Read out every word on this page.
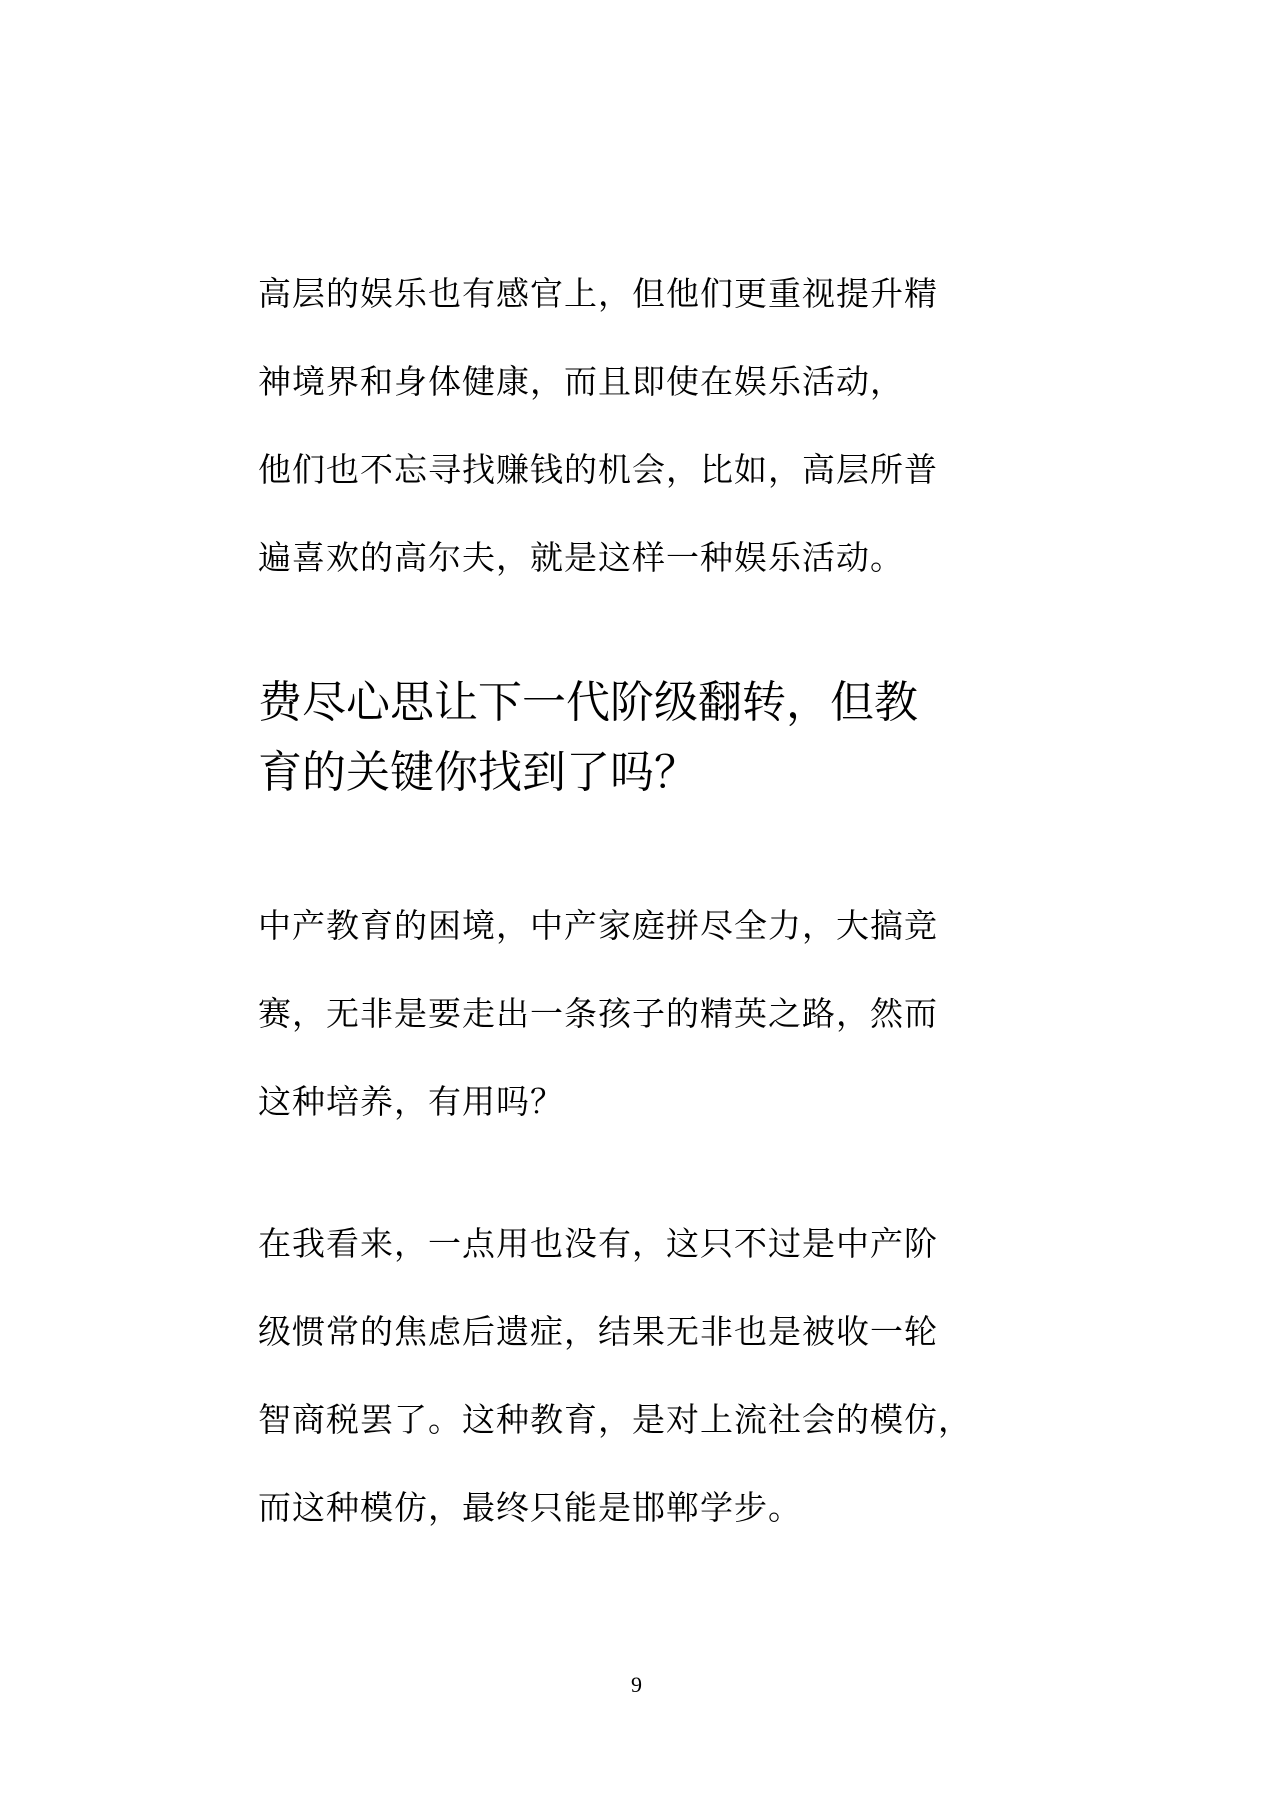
高层的娱乐也有感官上，但他们更重视提升精
神境界和身体健康，而且即使在娱乐活动，
他们也不忘寻找赚钱的机会，比如，高层所普
遍喜欢的高尔夫，就是这样一种娱乐活动。

费尽心思让下一代阶级翻转，但教
育的关键你找到了吗？

中产教育的困境，中产家庭拼尽全力，大搞竞
赛，无非是要走出一条孩子的精英之路，然而
这种培养，有用吗？

在我看来，一点用也没有，这只不过是中产阶
级惯常的焦虑后遗症，结果无非也是被收一轮
智商税罢了。这种教育，是对上流社会的模仿，
而这种模仿，最终只能是邯郸学步。

9
